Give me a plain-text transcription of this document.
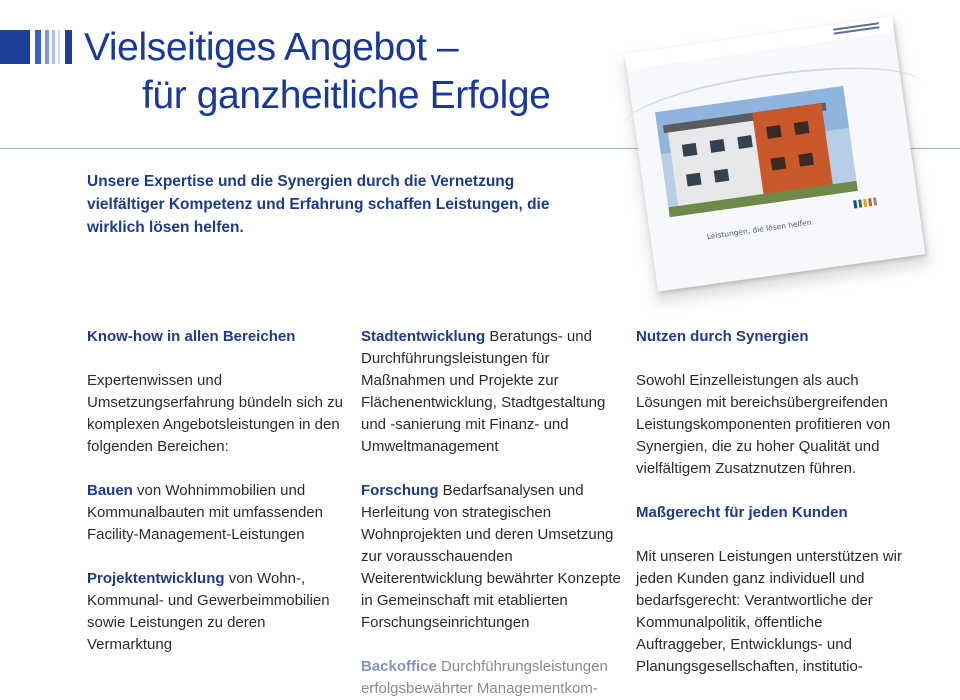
Vielseitiges Angebot –
für ganzheitliche Erfolge

Unsere Expertise und die Synergien durch die Vernetzung vielfältiger Kompetenz und Erfahrung schaffen Leistungen, die wirklich lösen helfen.	Leistungen, die lösen helfen
Know-how in allen Bereichen

Expertenwissen und Umsetzungserfahrung bündeln sich zu komplexen Angebotsleistungen in den folgenden Bereichen:

Bauen von Wohnimmobilien und Kommunalbauten mit umfassenden Facility-Management-Leistungen

Projektentwicklung von Wohn-, Kommunal- und Gewerbeimmobilien sowie Leistungen zu deren Vermarktung

Stadtentwicklung Beratungs- und Durchführungsleistungen für Maßnahmen und Projekte zur Flächenentwicklung, Stadtgestaltung und -sanierung mit Finanz- und Umweltmanagement

Forschung Bedarfsanalysen und Herleitung von strategischen Wohnprojekten und deren Umsetzung zur vorausschauenden Weiterentwicklung bewährter Konzepte in Gemeinschaft mit etablierten Forschungseinrichtungen

Backoffice Durchführungsleistungen erfolgsbewährter Managementkom-

Nutzen durch Synergien

Sowohl Einzelleistungen als auch Lösungen mit bereichsübergreifenden Leistungskomponenten profitieren von Synergien, die zu hoher Qualität und vielfältigem Zusatznutzen führen.

Maßgerecht für jeden Kunden

Mit unseren Leistungen unterstützen wir jeden Kunden ganz individuell und bedarfsgerecht: Verantwortliche der Kommunalpolitik, öffentliche Auftraggeber, Entwicklungs- und Planungsgesellschaften, institutio-
